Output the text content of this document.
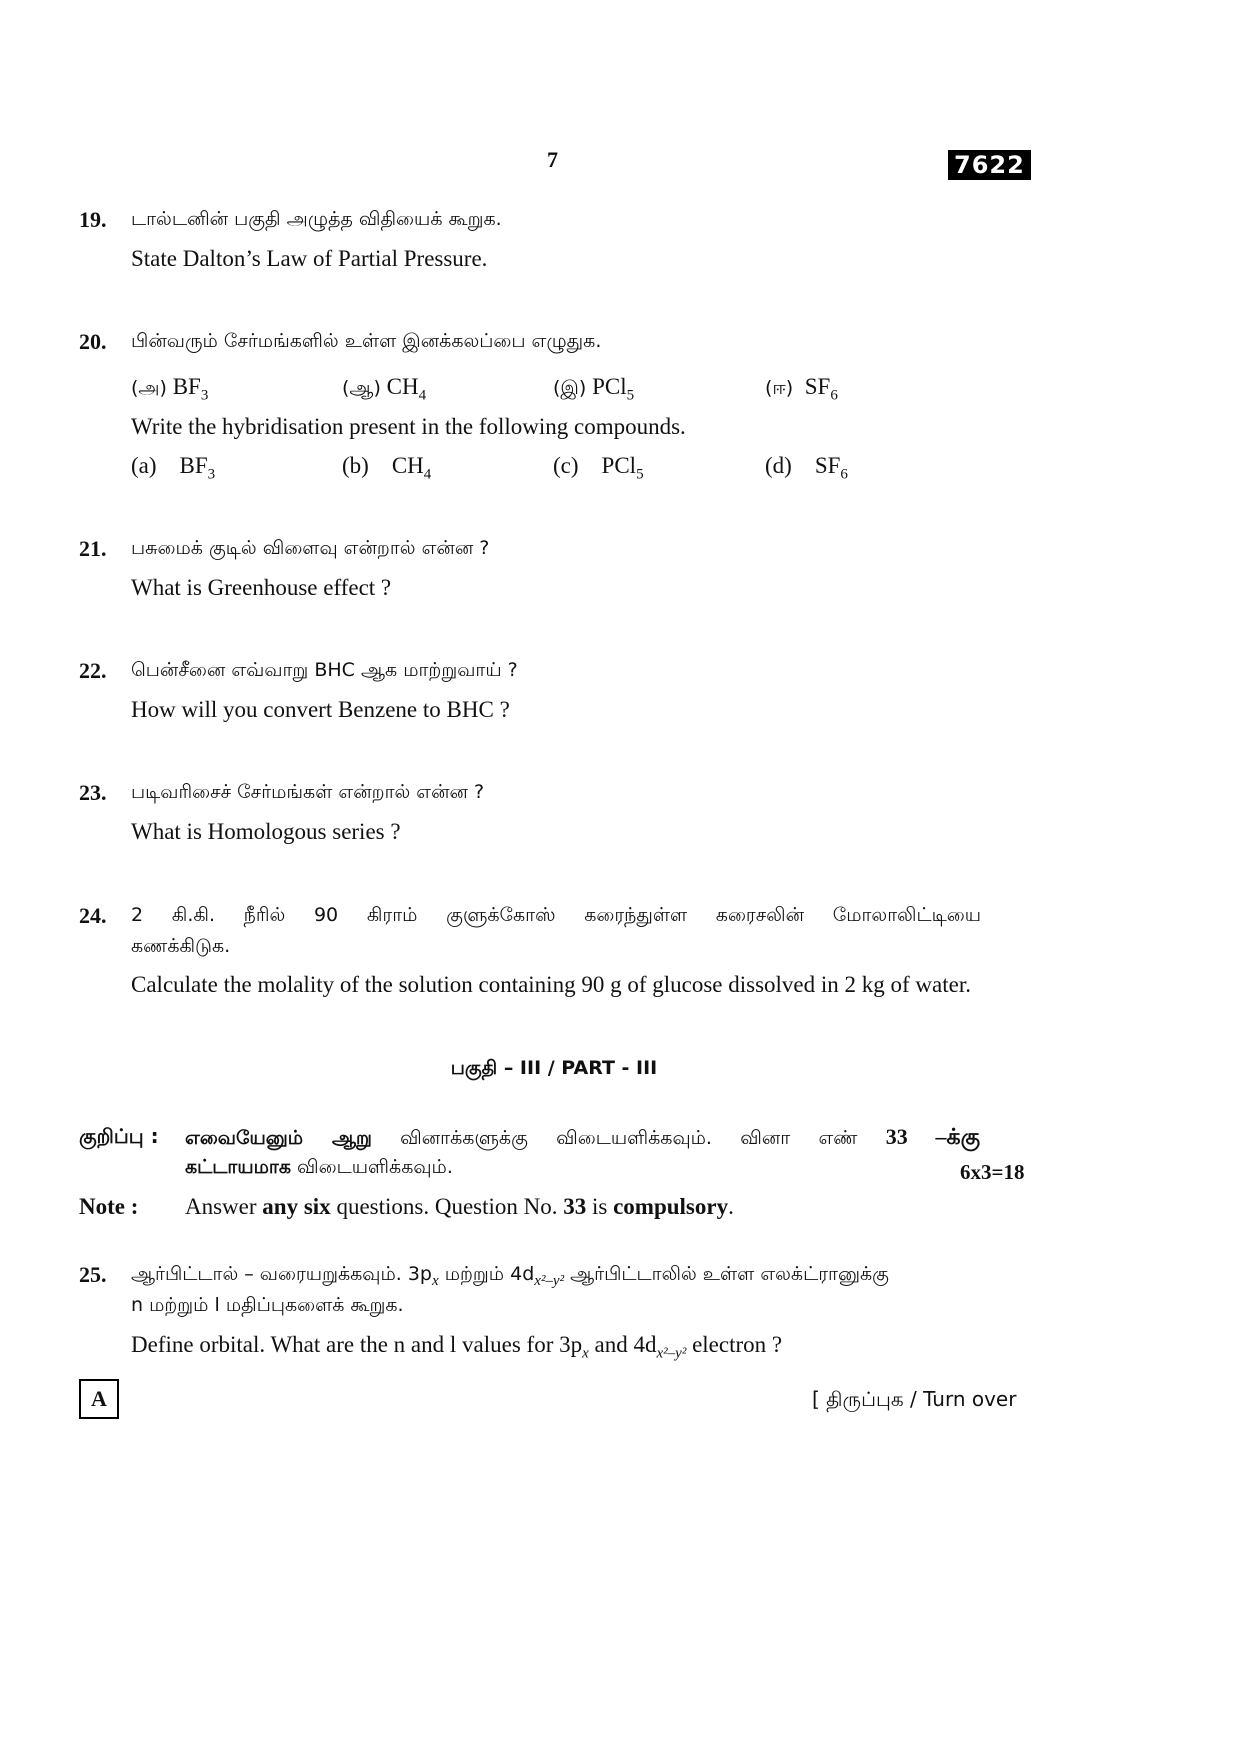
7	7622
19. டால்டனின் பகுதி அழுத்த விதியைக் கூறுக.
State Dalton’s Law of Partial Pressure.
20. பின்வரும் சேர்மங்களில் உள்ள இனக்கலப்பை எழுதுக.
(அ) $BF_3$	(ஆ) $CH_4$	(இ) PCl$_5$	(ஈ) $SF_6$
Write the hybridisation present in the following compounds.
(a) $BF_3$	(b) $CH_4$	(c) PCl$_5$	(d) $SF_6$
21. பசுமைக் குடில் விளைவு என்றால் என்ன ?
What is Greenhouse effect ?
22. பென்சீனை எவ்வாறு BHC ஆக மாற்றுவாய் ?
How will you convert Benzene to BHC ?
23. படிவரிசைச் சேர்மங்கள் என்றால் என்ன ?
What is Homologous series ?
24. 2 கி.கி. நீரில் 90 கிராம் குளுக்கோஸ் கரைந்துள்ள கரைசலின் மோலாலிட்டியை
கணக்கிடுக.
Calculate the molality of the solution containing 90 g of glucose dissolved in 2 kg of water.
பகுதி – III / PART - III
குறிப்பு : எவையேனும் ஆறு வினாக்களுக்கு விடையளிக்கவும். வினா எண் 33 –க்கு
கட்டாயமாக விடையளிக்கவும்.	6x3=18
Note : Answer any six questions. Question No. 33 is compulsory.
25. ஆர்பிட்டால் – வரையறுக்கவும். $3p_x$ மற்றும் $4d_{x^2-y^2}$ ஆர்பிட்டாலில் உள்ள எலக்ட்ரானுக்கு
n மற்றும் l மதிப்புகளைக் கூறுக.
Define orbital. What are the n and l values for $3p_x$ and $4d_{x^2-y^2}$ electron ?
A	[ திருப்புக / Turn over
